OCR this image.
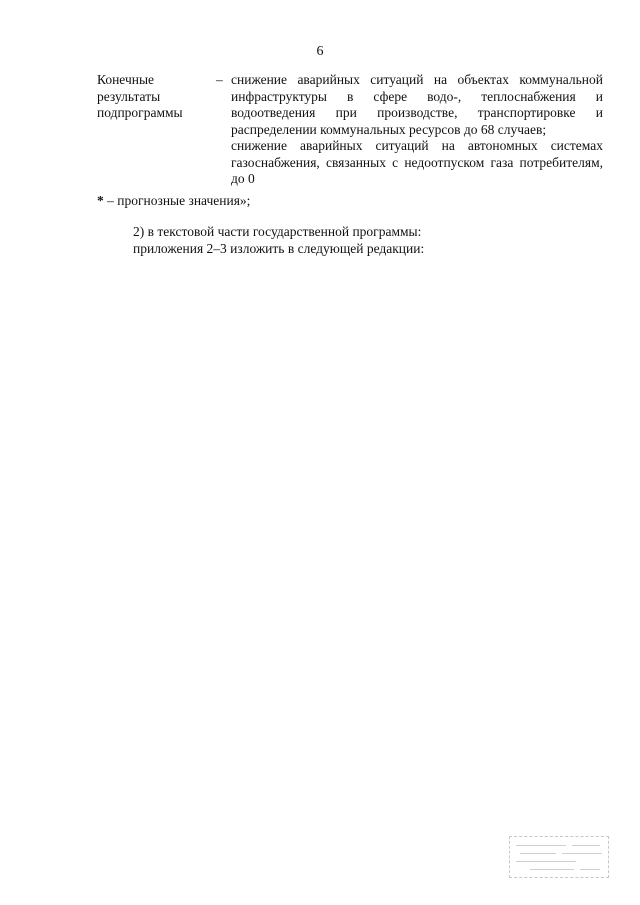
6
Конечные
результаты
подпрограммы
– снижение аварийных ситуаций на объектах коммунальной инфраструктуры в сфере водо-, теплоснабжения и водоотведения при производстве, транспортировке и распределении коммунальных ресурсов до 68 случаев;

снижение аварийных ситуаций на автономных системах газоснабжения, связанных с недоотпуском газа потребителям, до 0

* – прогнозные значения»;
2) в текстовой части государственной программы:
приложения 2–3 изложить в следующей редакции:
